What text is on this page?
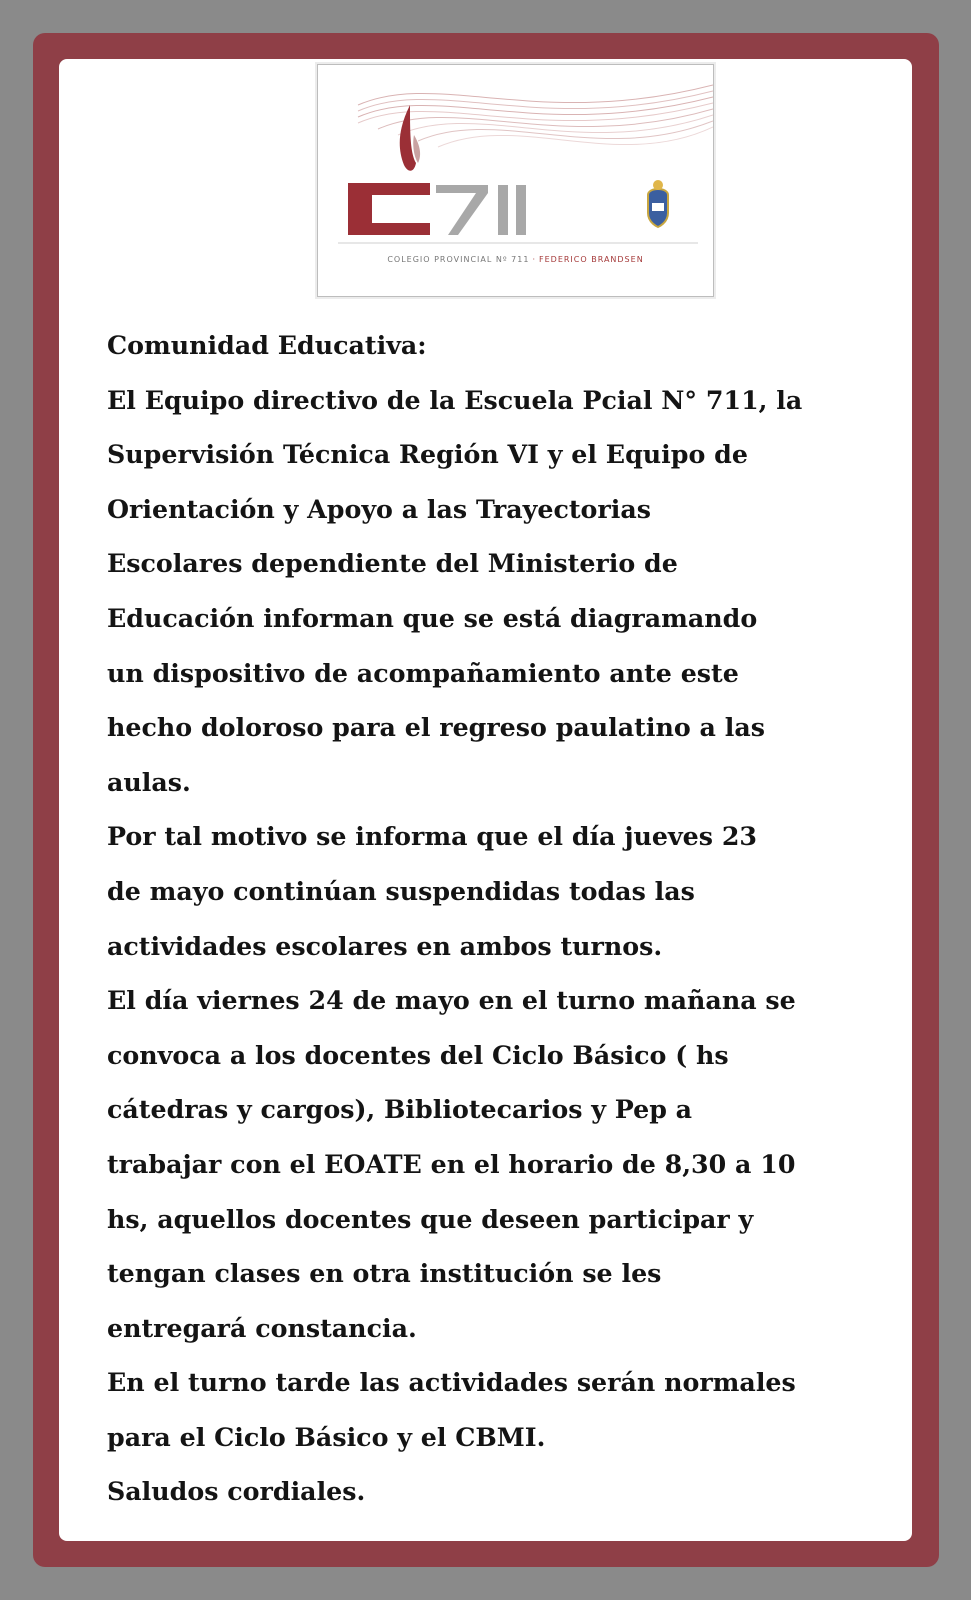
COLEGIO PROVINCIAL Nº 711 · FEDERICO BRANDSEN
Comunidad Educativa:
El Equipo directivo de la Escuela Pcial N° 711, la
Supervisión Técnica Región VI y el Equipo de
Orientación y Apoyo a las Trayectorias
Escolares dependiente del Ministerio de
Educación informan que se está diagramando
un dispositivo de acompañamiento ante este
hecho doloroso para el regreso paulatino a las
aulas.
Por tal motivo se informa que el día jueves 23
de mayo continúan suspendidas todas las
actividades escolares en ambos turnos.
El día viernes 24 de mayo en el turno mañana se
convoca a los docentes del Ciclo Básico ( hs
cátedras y cargos), Bibliotecarios y Pep a
trabajar con el EOATE en el horario de 8,30 a 10
hs, aquellos docentes que deseen participar y
tengan clases en otra institución se les
entregará constancia.
En el turno tarde las actividades serán normales
para el Ciclo Básico y el CBMI.
Saludos cordiales.
